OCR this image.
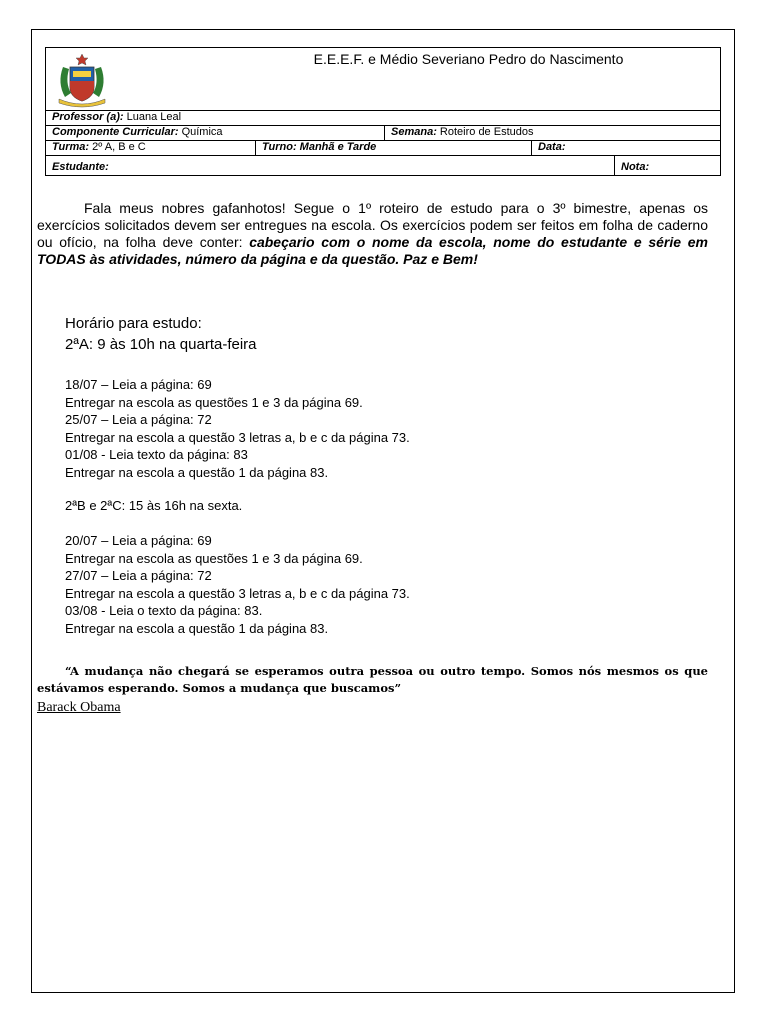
E.E.E.F. e Médio Severiano Pedro do Nascimento
Professor (a): Luana Leal
Componente Curricular: Química	Semana: Roteiro de Estudos
Turma: 2º A, B e C	Turno: Manhã e Tarde	Data:
Estudante:	Nota:
Fala meus nobres gafanhotos! Segue o 1º roteiro de estudo para o 3º bimestre, apenas os exercícios solicitados devem ser entregues na escola. Os exercícios podem ser feitos em folha de caderno ou ofício, na folha deve conter: cabeçario com o nome da escola, nome do estudante e série em TODAS às atividades, número da página e da questão. Paz e Bem!
Horário para estudo:
2ªA: 9 às 10h na quarta-feira
18/07 – Leia a página: 69
Entregar na escola as questões 1 e 3 da página 69.
25/07 – Leia a página: 72
Entregar na escola a questão 3 letras a, b e c da página 73.
01/08 - Leia texto da página: 83
Entregar na escola a questão 1 da página 83.
2ªB e 2ªC: 15 às 16h na sexta.
20/07 – Leia a página: 69
Entregar na escola as questões 1 e 3 da página 69.
27/07 – Leia a página: 72
Entregar na escola a questão 3 letras a, b e c da página 73.
03/08 - Leia o texto da página: 83.
Entregar na escola a questão 1 da página 83.
“A mudança não chegará se esperamos outra pessoa ou outro tempo. Somos nós mesmos os que estávamos esperando. Somos a mudança que buscamos”
Barack Obama
